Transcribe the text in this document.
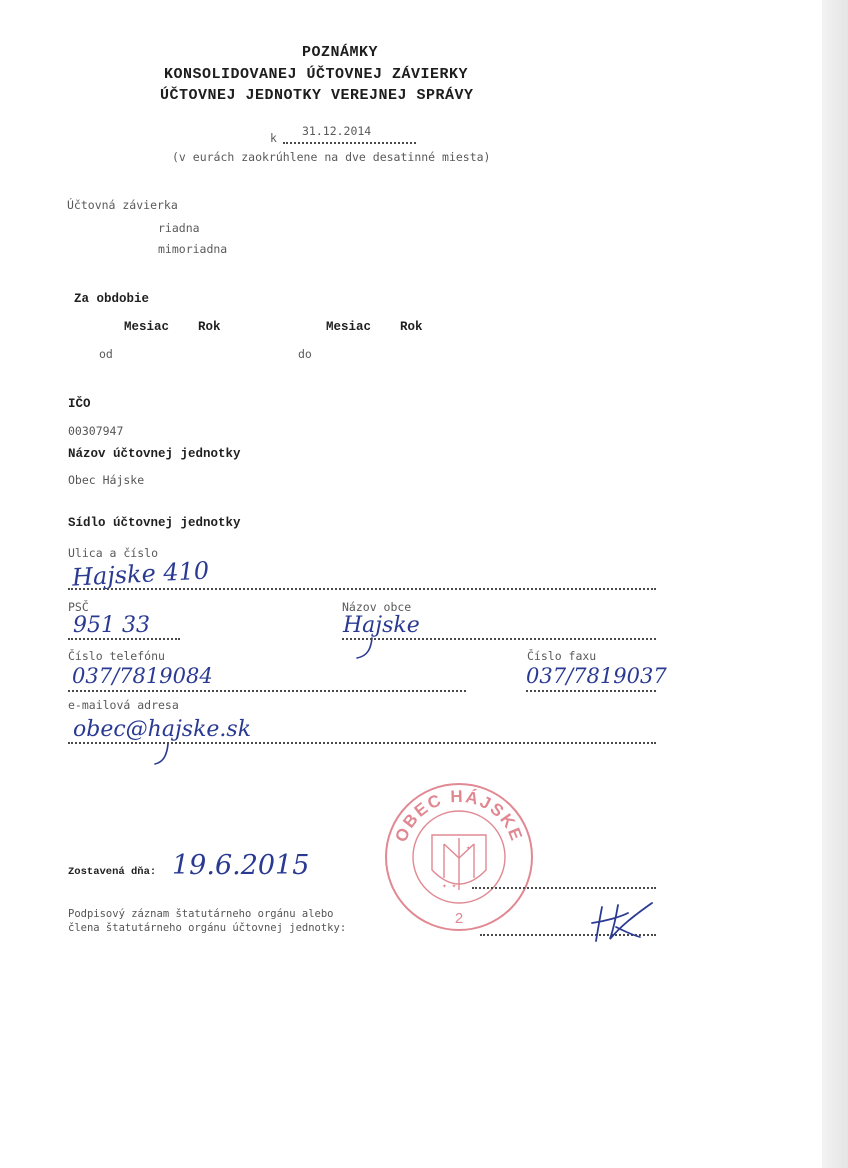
POZNÁMKY
KONSOLIDOVANEJ ÚČTOVNEJ ZÁVIERKY
ÚČTOVNEJ JEDNOTKY VEREJNEJ SPRÁVY
k 31.12.2014
(v eurách zaokrúhlene na dve desatinné miesta)
Účtovná závierka
riadna
mimoriadna
Za obdobie
Mesiac Rok	Mesiac Rok
od	do
IČO
00307947
Názov účtovnej jednotky
Obec Hájske
Sídlo účtovnej jednotky
Ulica a číslo
Hajske 410
PSČ
951 33
Názov obce
Hajske
Číslo telefónu
037/7819084
Číslo faxu
037/7819037
e-mailová adresa
obec@hajske.sk
OBEC HÁJSKE
2
✦ ✦
✦
Zostavená dňa: 19.6.2015
Podpisový záznam štatutárneho orgánu alebo
člena štatutárneho orgánu účtovnej jednotky:
